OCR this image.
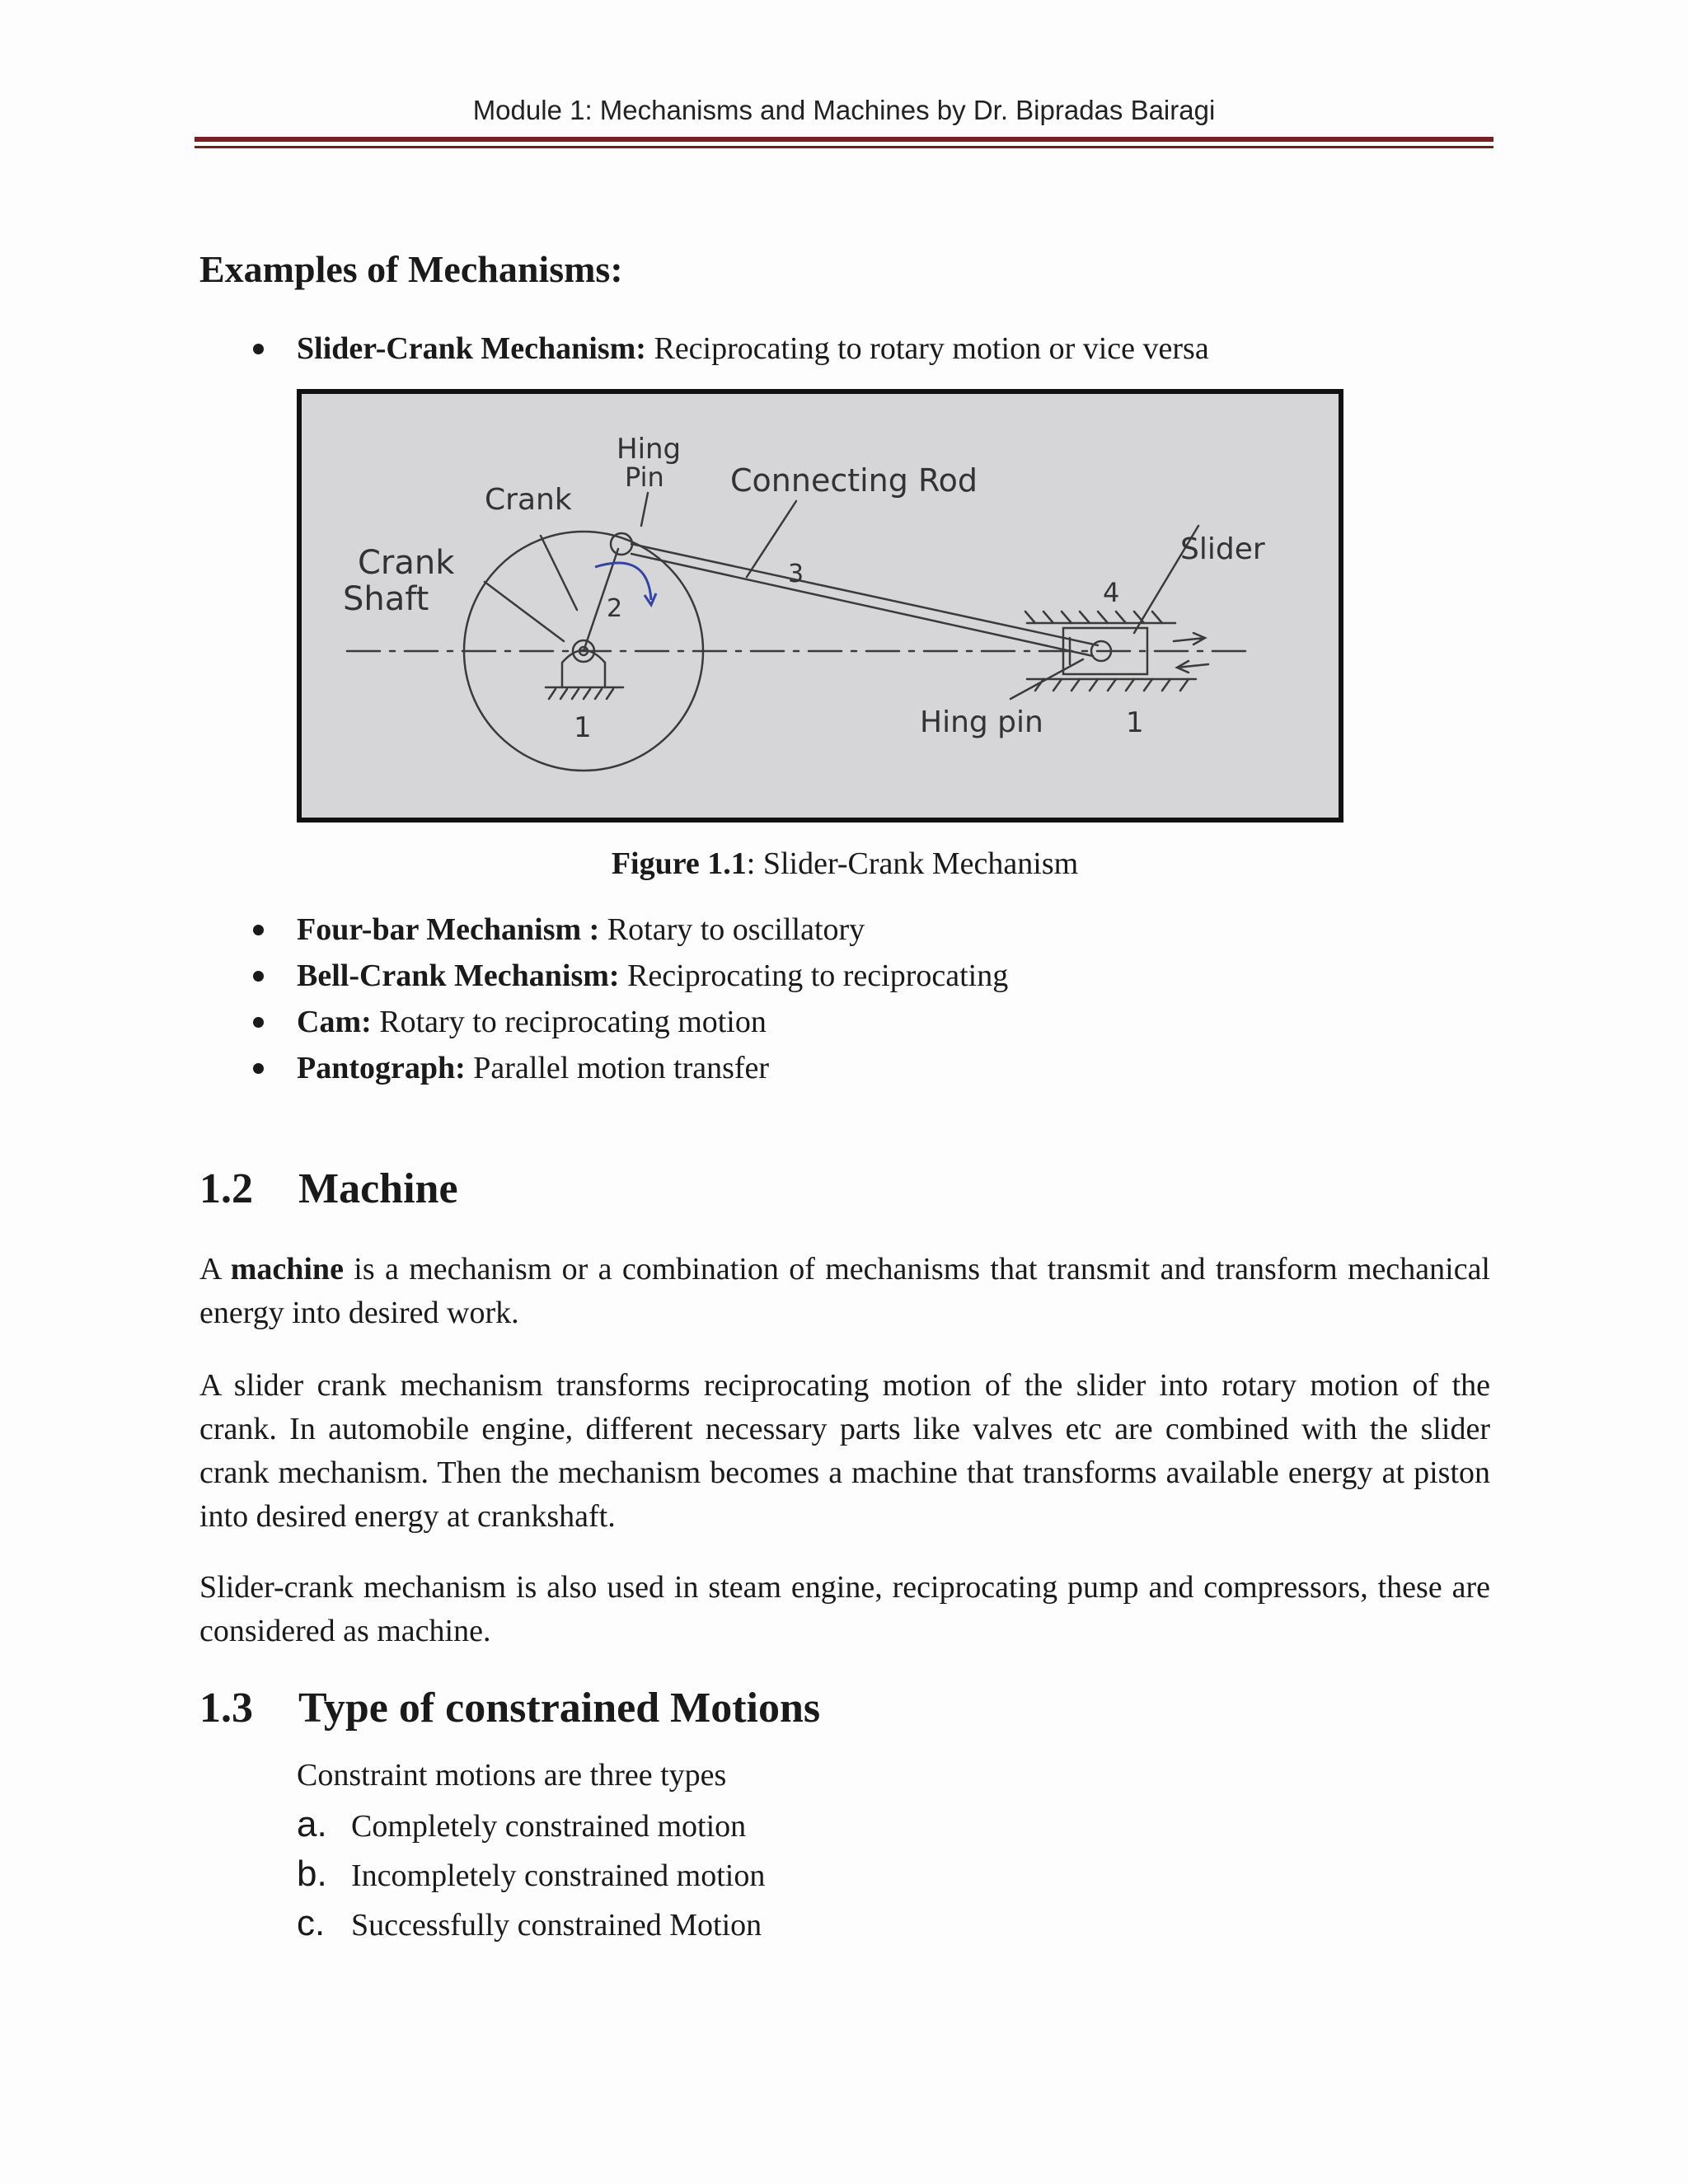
Module 1: Mechanisms and Machines by Dr. Bipradas Bairagi
Examples of Mechanisms:
Slider-Crank Mechanism: Reciprocating to rotary motion or vice versa
Hing
Pin
Crank
Connecting Rod
Crank
Shaft
Slider
2
3
4
1	1
Hing pin
Figure 1.1: Slider-Crank Mechanism
Four-bar Mechanism : Rotary to oscillatory
Bell-Crank Mechanism: Reciprocating to reciprocating
Cam: Rotary to reciprocating motion
Pantograph: Parallel motion transfer
1.2 Machine

A machine is a mechanism or a combination of mechanisms that transmit and transform mechanical energy into desired work.

A slider crank mechanism transforms reciprocating motion of the slider into rotary motion of the crank. In automobile engine, different necessary parts like valves etc are combined with the slider crank mechanism. Then the mechanism becomes a machine that transforms available energy at piston into desired energy at crankshaft.

Slider-crank mechanism is also used in steam engine, reciprocating pump and compressors, these are considered as machine.

1.3 Type of constrained Motions
Constraint motions are three types
a. Completely constrained motion
b. Incompletely constrained motion
c. Successfully constrained Motion
